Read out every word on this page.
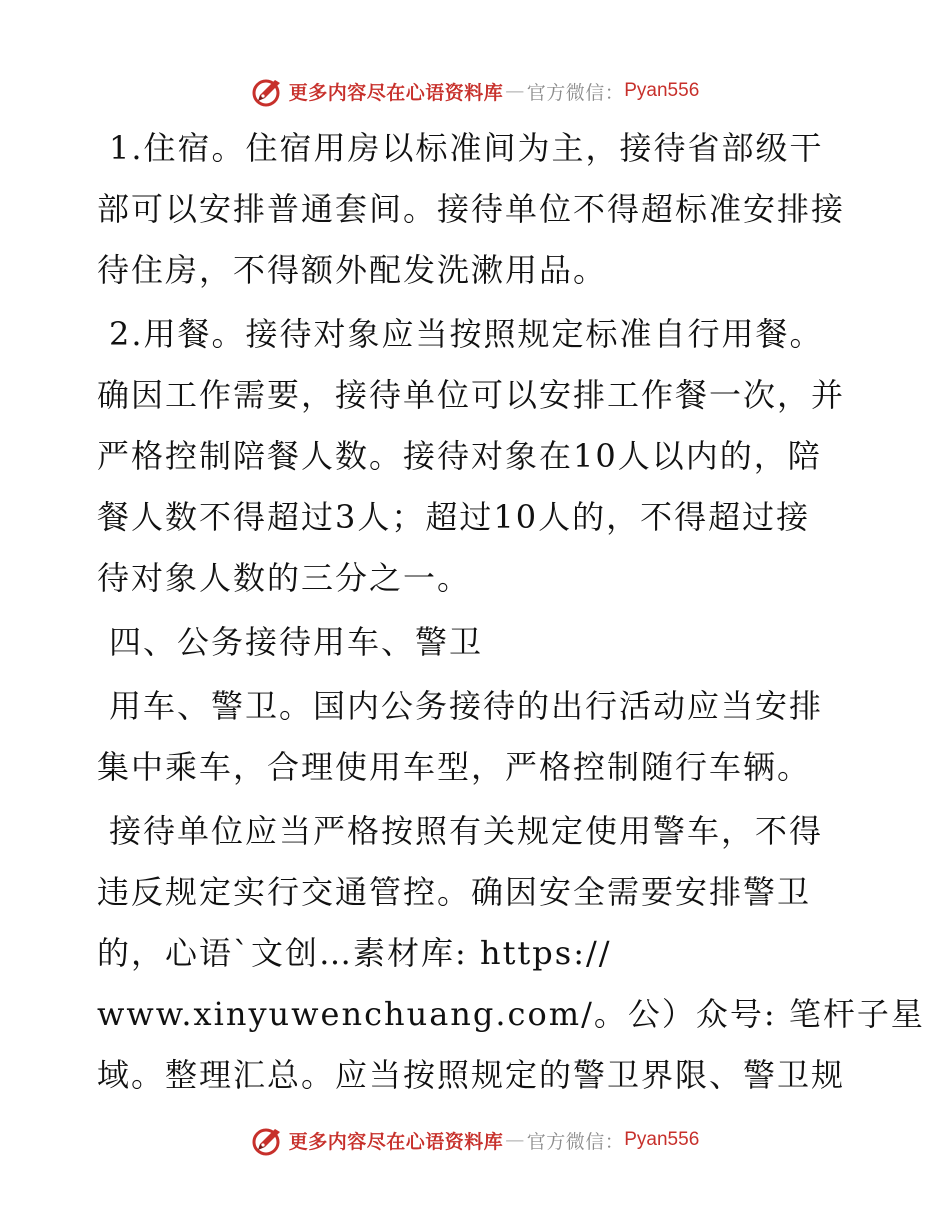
更多内容尽在心语资料库 — 官方微信： Pyan556

1.住宿。住宿用房以标准间为主，接待省部级干
部可以安排普通套间。接待单位不得超标准安排接
待住房，不得额外配发洗漱用品。

2.用餐。接待对象应当按照规定标准自行用餐。
确因工作需要，接待单位可以安排工作餐一次，并
严格控制陪餐人数。接待对象在10人以内的，陪
餐人数不得超过3人；超过10人的，不得超过接
待对象人数的三分之一。

四、公务接待用车、警卫

用车、警卫。国内公务接待的出行活动应当安排
集中乘车，合理使用车型，严格控制随行车辆。

接待单位应当严格按照有关规定使用警车，不得
违反规定实行交通管控。确因安全需要安排警卫
的，心语`文创…素材库: https://
www.xinyuwenchuang.com/。公）众号: 笔杆子星
域。整理汇总。应当按照规定的警卫界限、警卫规

更多内容尽在心语资料库 — 官方微信： Pyan556
